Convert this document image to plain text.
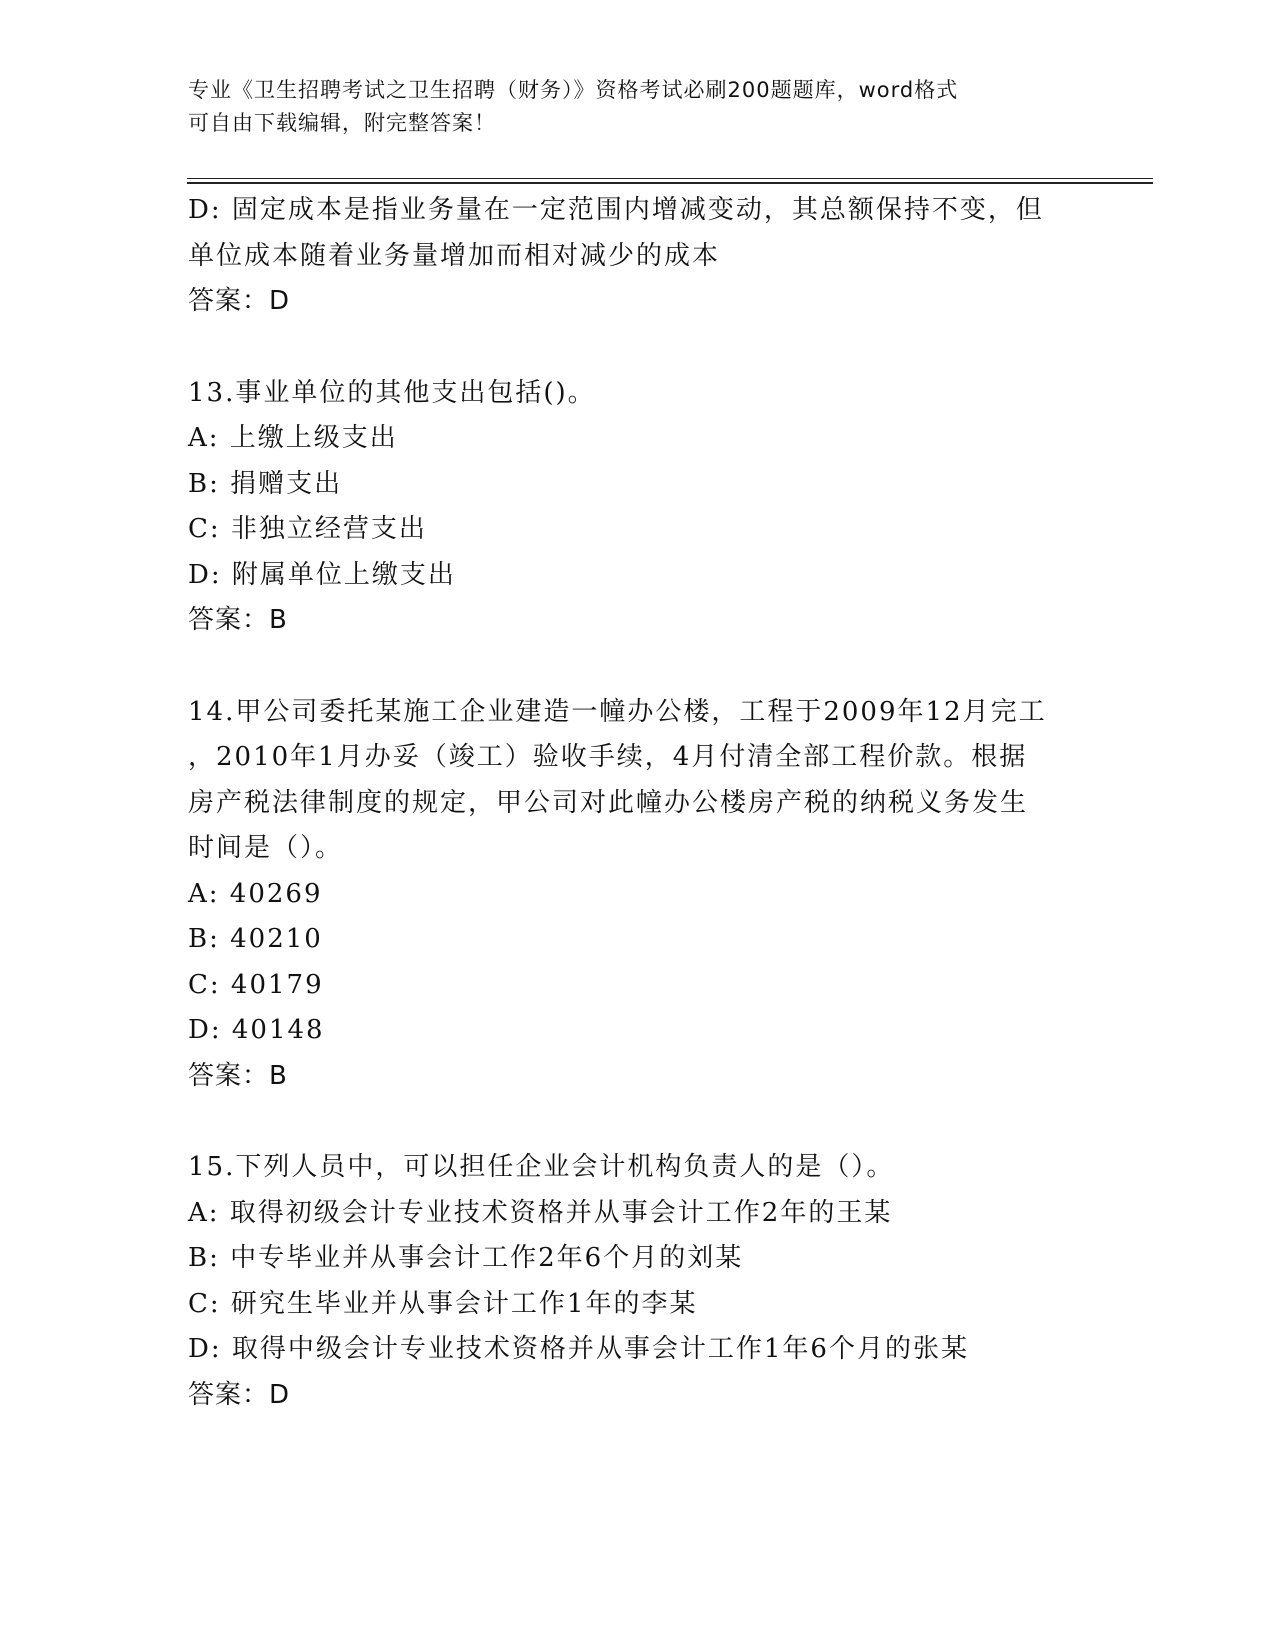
专业《卫生招聘考试之卫生招聘（财务）》资格考试必刷200题题库，word格式
可自由下载编辑，附完整答案！
D: 固定成本是指业务量在一定范围内增减变动，其总额保持不变，但
单位成本随着业务量增加而相对减少的成本
答案：D
13.事业单位的其他支出包括()。
A: 上缴上级支出
B: 捐赠支出
C: 非独立经营支出
D: 附属单位上缴支出
答案：B
14.甲公司委托某施工企业建造一幢办公楼，工程于2009年12月完工
，2010年1月办妥（竣工）验收手续，4月付清全部工程价款。根据
房产税法律制度的规定，甲公司对此幢办公楼房产税的纳税义务发生
时间是（）。
A: 40269
B: 40210
C: 40179
D: 40148
答案：B
15.下列人员中，可以担任企业会计机构负责人的是（）。
A: 取得初级会计专业技术资格并从事会计工作2年的王某
B: 中专毕业并从事会计工作2年6个月的刘某
C: 研究生毕业并从事会计工作1年的李某
D: 取得中级会计专业技术资格并从事会计工作1年6个月的张某
答案：D
